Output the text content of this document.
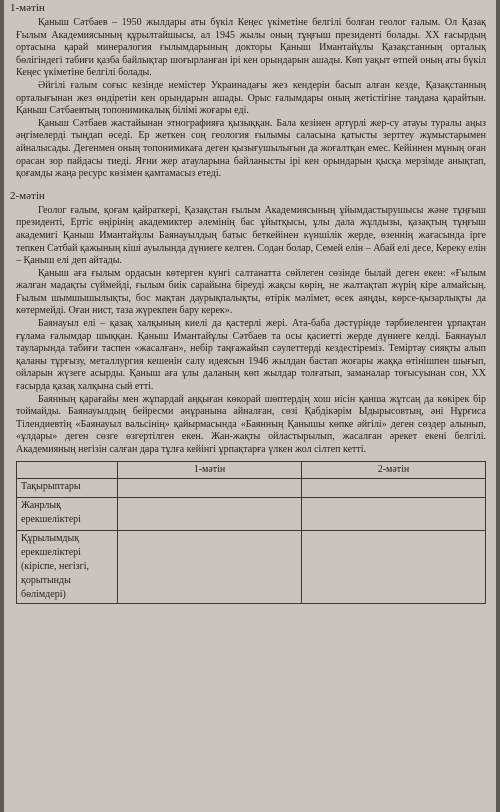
1-мәтін

Қаныш Сәтбаев – 1950 жылдары аты бүкіл Кеңес үкіметіне белгілі болған геолог ғалым. Ол Қазақ Ғылым Академиясының құрылтайшысы, ал 1945 жылы оның тұңғыш президенті болады. XX ғасырдың ортасына қарай минералогия ғылымдарының докторы Қаныш Имантайұлы Қазақстанның орталық бөлігіндегі табиғи қазба байлықтар шоғырланған ірі кен орындарын ашады. Көп уақыт өтпей оның аты бүкіл Кеңес үкіметіне белгілі болады.

Әйгілі ғалым соғыс кезінде немістер Украинадағы жез кендерін басып алған кезде, Қазақстанның орталығынан жез өндіретін кен орындарын ашады. Орыс ғалымдары оның жетістігіне таңдана қарайтын. Қаныш Сәтбаевтың топонимикалық білімі жоғары еді.

Қаныш Сәтбаев жастайынан этнографияға қызыққан. Бала кезінен әртүрлі жер-су атауы туралы аңыз әңгімелерді тыңдап өседі. Ер жеткен соң геология ғылымы саласына қатысты зерттеу жұмыстарымен айналысады. Дегенмен оның топонимикаға деген қызығушылығын да жоғалтқан емес. Кейіннен мұның оған орасан зор пайдасы тиеді. Яғни жер атауларына байланысты ірі кен орындарын қысқа мерзімде анықтап, қоғамды жаңа ресурс көзімен қамтамасыз етеді.

2-мәтін

Геолог ғалым, қоғам қайраткері, Қазақстан ғылым Академиясының ұйымдастырушысы және тұңғыш президенті, Ертіс өңірінің академиктер әлемінің бас ұйытқысы, ұлы дала жұлдызы, қазақтың тұңғыш академигі Қаныш Имантайұлы Баянауылдың батыс беткейінен күншілік жерде, өзеннің жағасында ірге тепкен Сәтбай қажының кіші ауылында дүниеге келген. Содан болар, Семей елін – Абай елі десе, Кереку елін – Қаныш елі деп айтады.

Қаныш аға ғылым ордасын көтерген күнгі салтанатта сөйлеген сөзінде былай деген екен: «Ғылым жалған мадақты сүймейді, ғылым биік сарайына біреуді жақсы көрің, не жалтақтап жүрің кіре алмайсың. Ғылым шымшышылықты, бос мақтан даурықпалықты, өтірік мәлімет, өсек аяңды, көрсе-қызарлықты да көтермейді. Оған нист, таза жүрекпен бару керек».

Баянауыл елі – қазақ халқының киелі да қастерлі жері. Ата-баба дәстүрінде тәрбиеленген ұрпақтан ғұлама ғалымдар шыққан. Қаныш Имантайұлы Сәтбаев та осы қасиетті жерде дүниеге келді. Баянауыл тауларында табиғи таспен «жасалған», небір таңғажайып сәулеттерді кездестіреміз. Теміртау сияқты алып қаланы тұрғызу, металлургия кешенін салу идеясын 1946 жылдан бастап жоғары жаққа өтінішпен шығып, ойларын жүзеге асырды. Қаныш аға ұлы даланың көп жылдар толғатып, заманалар тоғысуынан сон, XX ғасырда қазақ халқына сый етті.

Баянның қарағайы мен жұпардай аңқыған көкорай шөптердің хош иісін қанша жұтсаң да көкірек бір тоймайды. Баянауылдың бейресми әнұранына айналған, сөзі Қабдікәрім Ыдырысовтың, әні Нұрғиса Тілендиевтің «Баянауыл вальсінің» қайырмасында «Баянның Қанышы көпке әйгілі» деген сөздер алынып, «ұлдары» деген сөзге өзгертілген екен. Жан-жақты ойластырылып, жасалған әрекет екені белгілі. Академияның негізін салған дара тұлға кейінгі ұрпақтарға үлкен жол сілтеп кетті.

	1-мәтін	2-мәтін
Тақырыптары		
Жанрлық ерекшеліктері		
Құрылымдық ерекшеліктері (кіріспе, негізгі, қорытынды бөлімдері)		
